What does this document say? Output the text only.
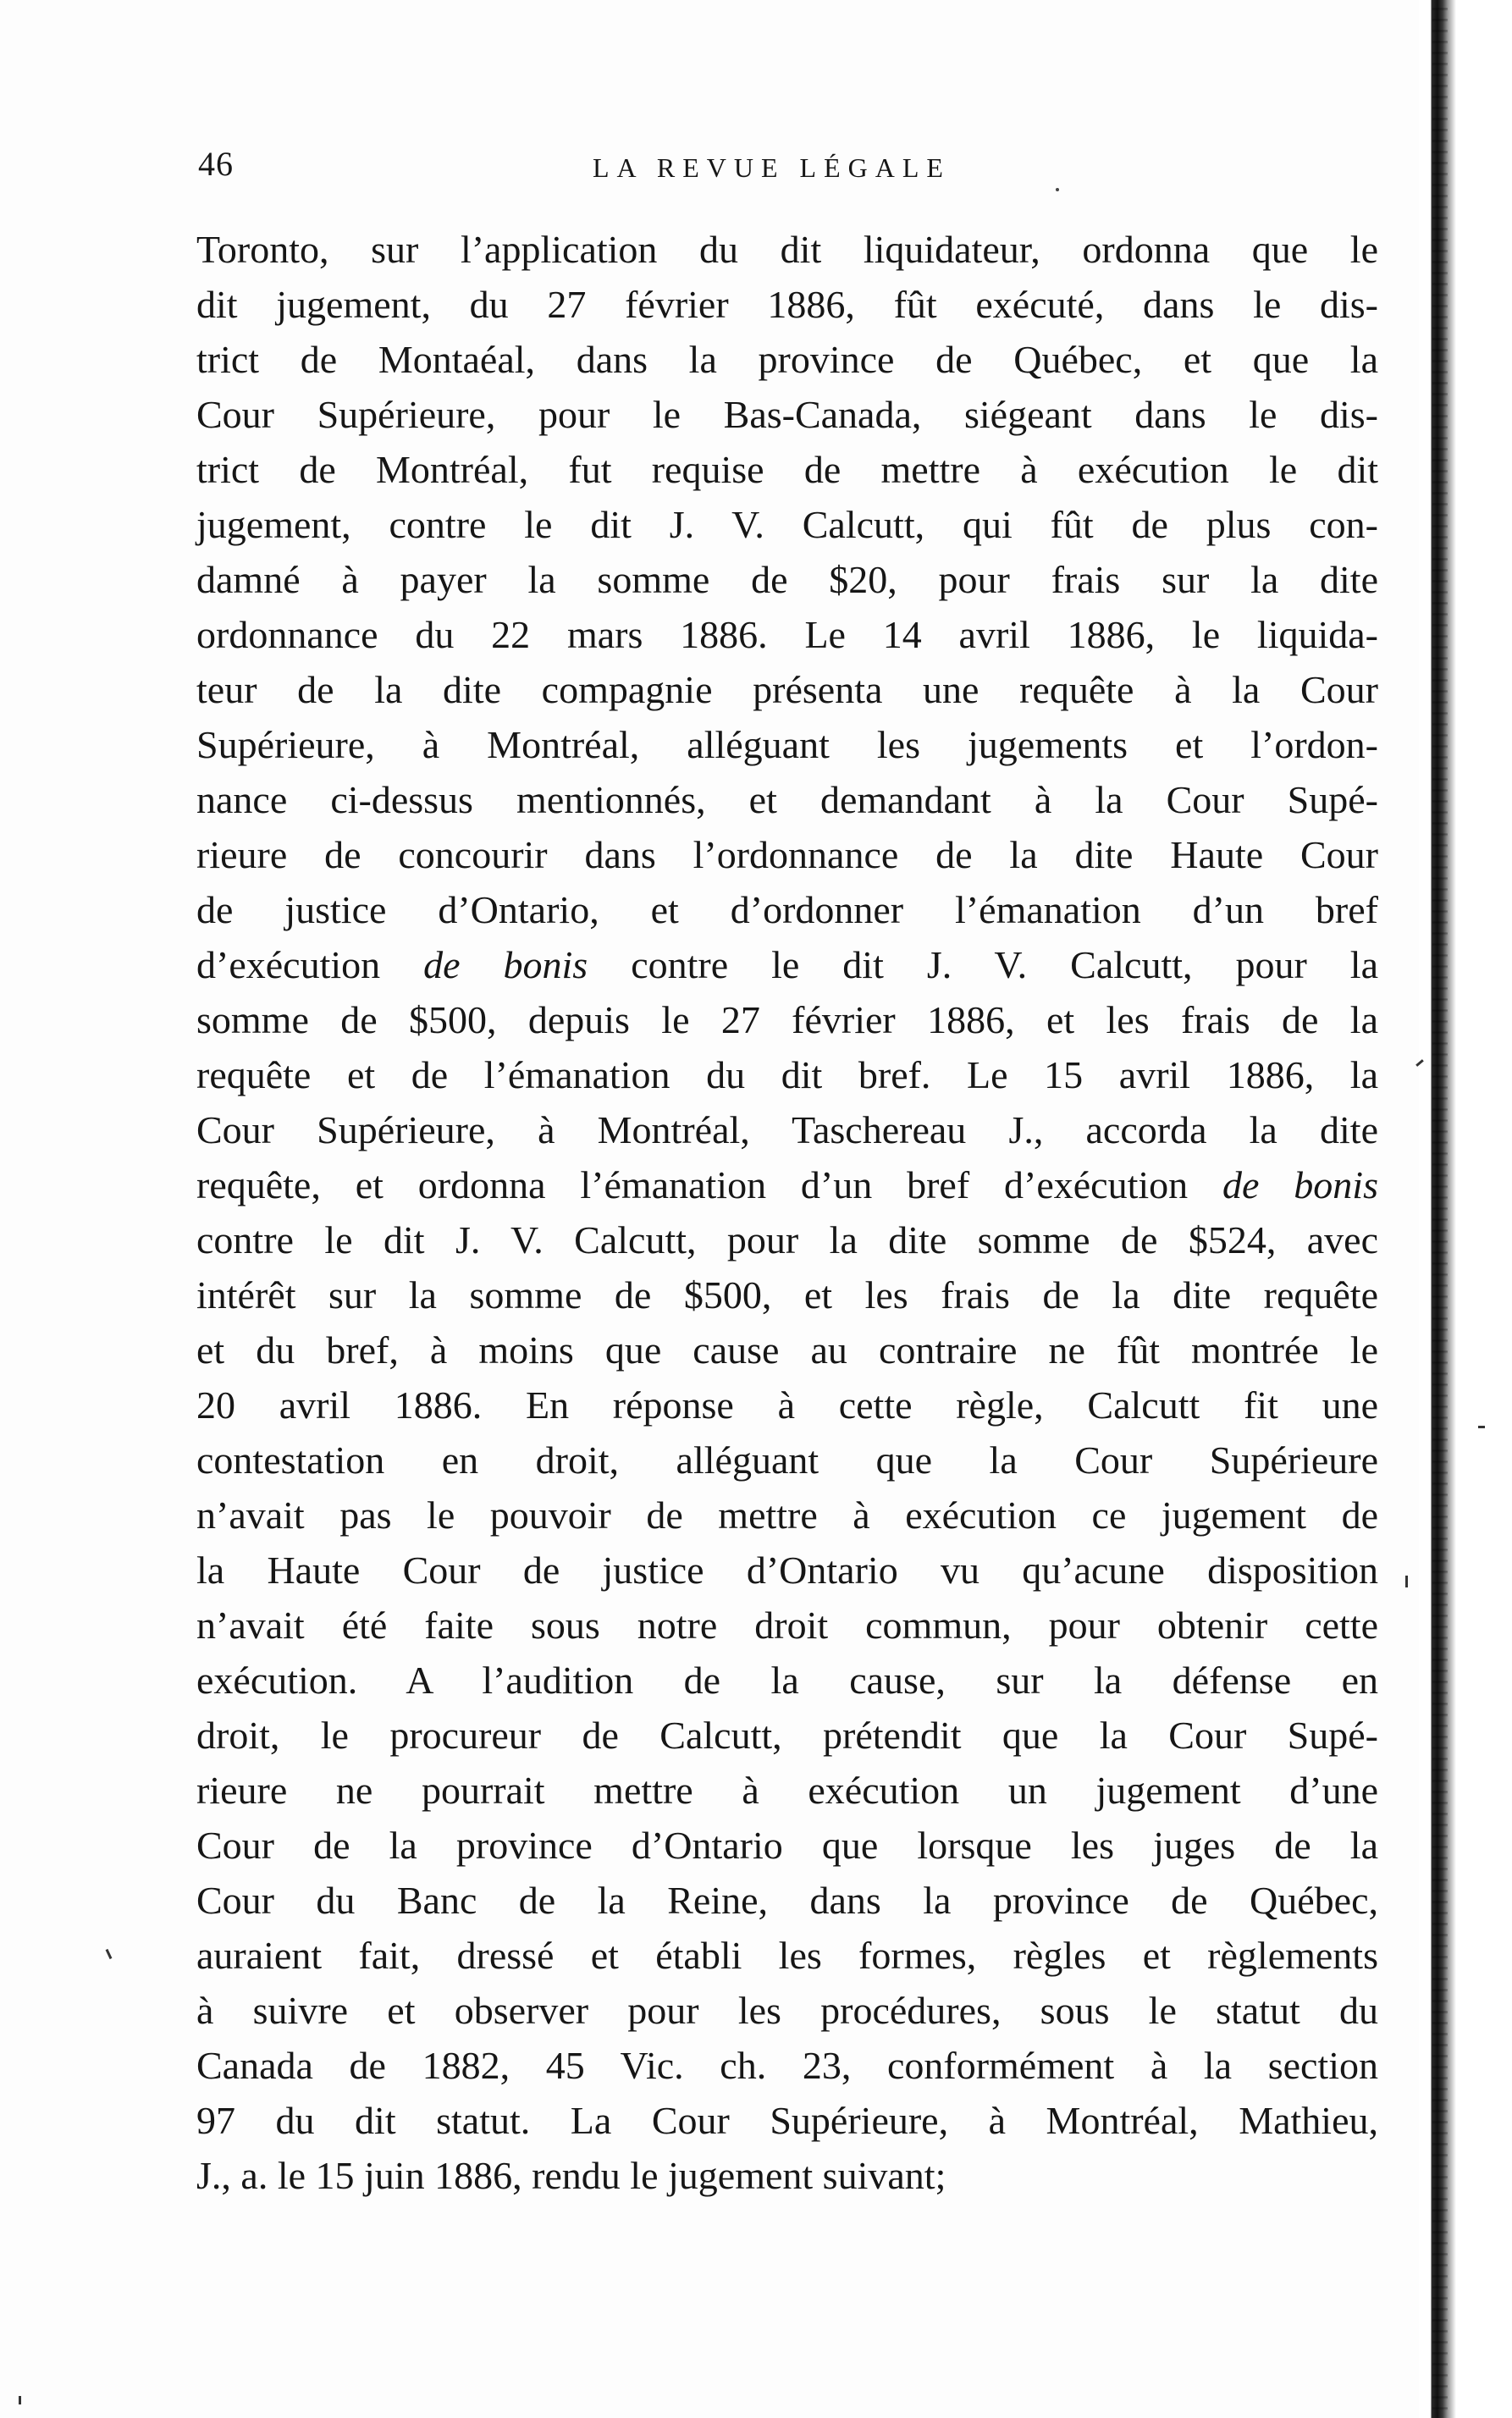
46	LA REVUE LÉGALE
Toronto, sur l’application du dit liquidateur, ordonna que le
dit jugement, du 27 février 1886, fût exécuté, dans le dis-
trict de Montaéal, dans la province de Québec, et que la
Cour Supérieure, pour le Bas-Canada, siégeant dans le dis-
trict de Montréal, fut requise de mettre à exécution le dit
jugement, contre le dit J. V. Calcutt, qui fût de plus con-
damné à payer la somme de $20, pour frais sur la dite
ordonnance du 22 mars 1886. Le 14 avril 1886, le liquida-
teur de la dite compagnie présenta une requête à la Cour
Supérieure, à Montréal, alléguant les jugements et l’ordon-
nance ci-dessus mentionnés, et demandant à la Cour Supé-
rieure de concourir dans l’ordonnance de la dite Haute Cour
de justice d’Ontario, et d’ordonner l’émanation d’un bref
d’exécution de bonis contre le dit J. V. Calcutt, pour la
somme de $500, depuis le 27 février 1886, et les frais de la
requête et de l’émanation du dit bref. Le 15 avril 1886, la
Cour Supérieure, à Montréal, Taschereau J., accorda la dite
requête, et ordonna l’émanation d’un bref d’exécution de bonis
contre le dit J. V. Calcutt, pour la dite somme de $524, avec
intérêt sur la somme de $500, et les frais de la dite requête
et du bref, à moins que cause au contraire ne fût montrée le
20 avril 1886. En réponse à cette règle, Calcutt fit une
contestation en droit, alléguant que la Cour Supérieure
n’avait pas le pouvoir de mettre à exécution ce jugement de
la Haute Cour de justice d’Ontario vu qu’acune disposition
n’avait été faite sous notre droit commun, pour obtenir cette
exécution. A l’audition de la cause, sur la défense en
droit, le procureur de Calcutt, prétendit que la Cour Supé-
rieure ne pourrait mettre à exécution un jugement d’une
Cour de la province d’Ontario que lorsque les juges de la
Cour du Banc de la Reine, dans la province de Québec,
auraient fait, dressé et établi les formes, règles et règlements
à suivre et observer pour les procédures, sous le statut du
Canada de 1882, 45 Vic. ch. 23, conformément à la section
97 du dit statut. La Cour Supérieure, à Montréal, Mathieu,
J., a. le 15 juin 1886, rendu le jugement suivant;
